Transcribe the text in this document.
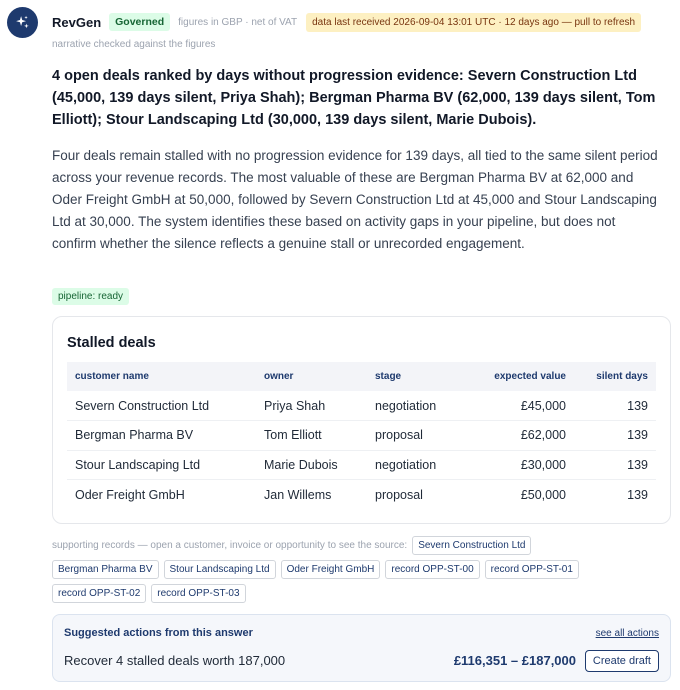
RevGen	Governed	figures in GBP · net of VAT	data last received 2026-09-04 13:01 UTC · 12 days ago — pull to refresh
narrative checked against the figures
4 open deals ranked by days without progression evidence: Severn Construction Ltd (45,000, 139 days silent, Priya Shah); Bergman Pharma BV (62,000, 139 days silent, Tom Elliott); Stour Landscaping Ltd (30,000, 139 days silent, Marie Dubois).
Four deals remain stalled with no progression evidence for 139 days, all tied to the same silent period across your revenue records. The most valuable of these are Bergman Pharma BV at 62,000 and Oder Freight GmbH at 50,000, followed by Severn Construction Ltd at 45,000 and Stour Landscaping Ltd at 30,000. The system identifies these based on activity gaps in your pipeline, but does not confirm whether the silence reflects a genuine stall or unrecorded engagement.
pipeline: ready
Stalled deals
customer name	owner	stage	expected value	silent days
Severn Construction Ltd	Priya Shah	negotiation	£45,000	139
Bergman Pharma BV	Tom Elliott	proposal	£62,000	139
Stour Landscaping Ltd	Marie Dubois	negotiation	£30,000	139
Oder Freight GmbH	Jan Willems	proposal	£50,000	139
supporting records — open a customer, invoice or opportunity to see the source:	Severn Construction Ltd
Bergman Pharma BV	Stour Landscaping Ltd	Oder Freight GmbH	record OPP-ST-00	record OPP-ST-01
record OPP-ST-02	record OPP-ST-03
Suggested actions from this answer	see all actions
Recover 4 stalled deals worth 187,000	£116,351 – £187,000	Create draft
